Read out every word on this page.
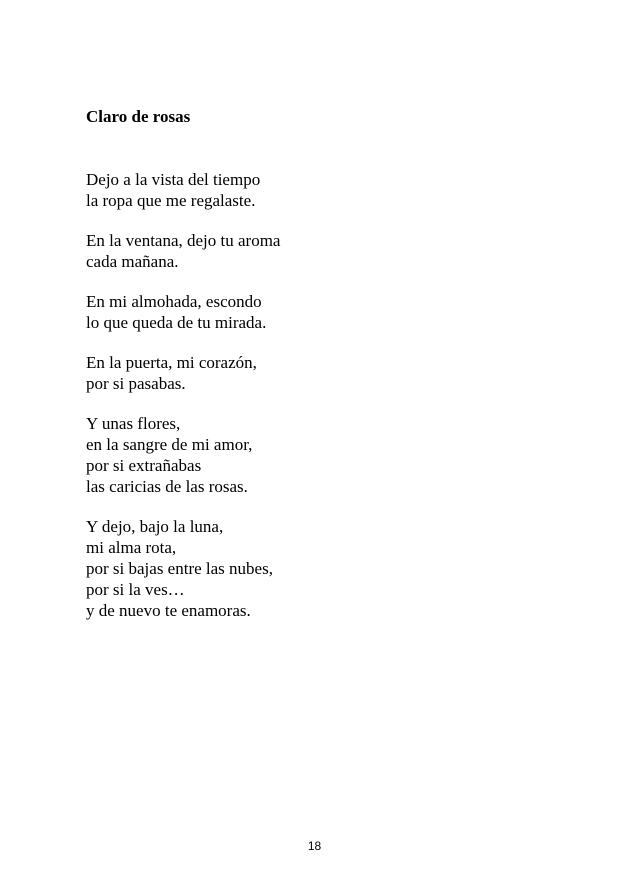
Claro de rosas
Dejo a la vista del tiempo
la ropa que me regalaste.
En la ventana, dejo tu aroma
cada mañana.
En mi almohada, escondo
lo que queda de tu mirada.
En la puerta, mi corazón,
por si pasabas.
Y unas flores,
en la sangre de mi amor,
por si extrañabas
las caricias de las rosas.
Y dejo, bajo la luna,
mi alma rota,
por si bajas entre las nubes,
por si la ves…
y de nuevo te enamoras.
18
